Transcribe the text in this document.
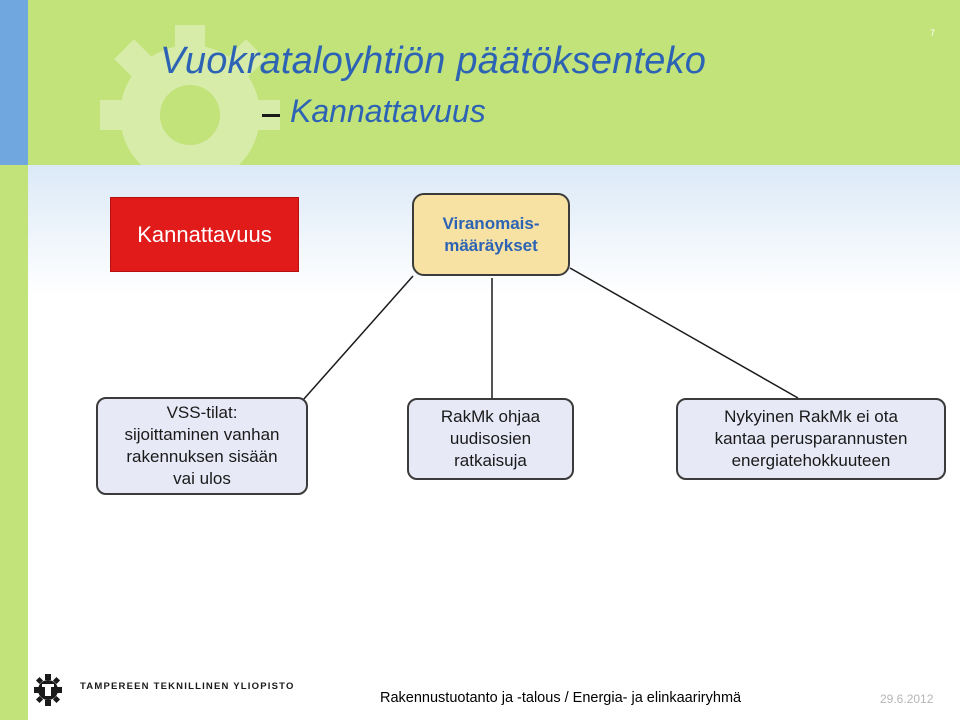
Vuokrataloyhtiön päätöksenteko
Kannattavuus
7
Kannattavuus	Viranomais-
määräykset
VSS-tilat:
sijoittaminen vanhan
rakennuksen sisään
vai ulos
RakMk ohjaa
uudisosien
ratkaisuja
Nykyinen RakMk ei ota
kantaa perusparannusten
energiatehokkuuteen
TAMPEREEN TEKNILLINEN YLIOPISTO
Rakennustuotanto ja -talous / Energia- ja elinkaariryhmä	29.6.2012
